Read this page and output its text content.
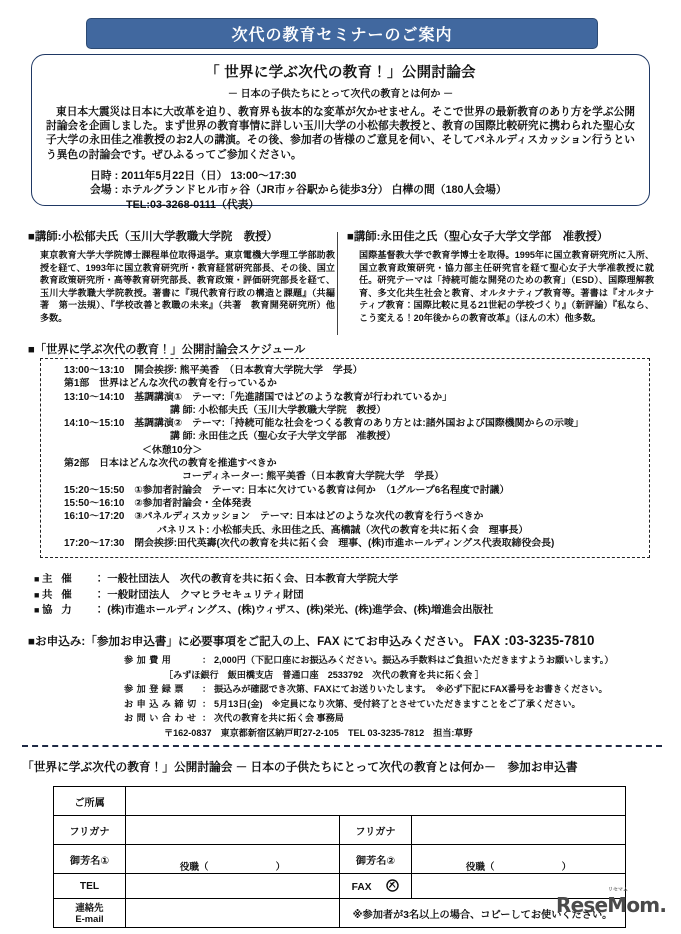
次代の教育セミナーのご案内
「 世界に学ぶ次代の教育！」公開討論会
－ 日本の子供たちにとって次代の教育とは何か －
東日本大震災は日本に大改革を迫り、教育界も抜本的な変革が欠かせません。そこで世界の最新教育のあり方を学ぶ公開討論会を企画しました。まず世界の教育事情に詳しい玉川大学の小松郁夫教授と、教育の国際比較研究に携わられた聖心女子大学の永田佳之准教授のお2人の講演。その後、参加者の皆様のご意見を伺い、そしてパネルディスカッション行うという異色の討論会です。ぜひふるってご参加ください。
日時 : 2011年5月22日（日） 13:00～17:30
会場 : ホテルグランドヒル市ヶ谷（JR市ヶ谷駅から徒歩3分） 白樺の間（180人会場）
TEL:03-3268-0111（代表）
■講師:小松郁夫氏（玉川大学教職大学院　教授）
東京教育大学大学院博士課程単位取得退学。東京電機大学理工学部助教授を経て、1993年に国立教育研究所・教育経営研究部長、その後、国立教育政策研究所・高等教育研究部長、教育政策・評価研究部長を経て、玉川大学教職大学院教授。著書に『現代教育行政の構造と課題』（共編著　第一法規）、『学校改善と教職の未来』（共著　教育開発研究所）他多数。
■講師:永田佳之氏（聖心女子大学文学部　准教授）
国際基督教大学で教育学博士を取得。1995年に国立教育研究所に入所、国立教育政策研究・協力部主任研究官を経て聖心女子大学准教授に就任。研究テーマは「持続可能な開発のための教育」（ESD）、国際理解教育、多文化共生社会と教育、オルタナティブ教育等。著書は『オルタナティブ教育：国際比較に見る21世紀の学校づくり』（新評論）『私なら、こう変える！20年後からの教育改革』（ほんの木）他多数。
■「世界に学ぶ次代の教育！」公開討論会スケジュール
13:00～13:10　開会挨拶: 熊平美香　（日本教育大学院大学　学長）
第1部　世界はどんな次代の教育を行っているか
13:10～14:10　基調講演①　テーマ:「先進諸国ではどのような教育が行われているか」
講 師: 小松郁夫氏（玉川大学教職大学院　教授）
14:10～15:10　基調講演②　テーマ:「持続可能な社会をつくる教育のあり方とは:諸外国および国際機関からの示唆」
講 師: 永田佳之氏（聖心女子大学文学部　准教授）
＜休憩10分＞
第2部　日本はどんな次代の教育を推進すべきか
コーディネーター: 熊平美香（日本教育大学院大学　学長）
15:20～15:50　①参加者討論会　テーマ: 日本に欠けている教育は何か　（1グループ6名程度で討議）
15:50～16:10　②参加者討論会・全体発表
16:10～17:20　③パネルディスカッション　テーマ: 日本はどのような次代の教育を行うべきか
パネリスト: 小松郁夫氏、永田佳之氏、髙橋誠（次代の教育を共に拓く会　理事長）
17:20～17:30　閉会挨拶:田代英壽(次代の教育を共に拓く会　理事、(株)市進ホールディングス代表取締役会長)
■ 主 催 ： 一般社団法人　次代の教育を共に拓く会、日本教育大学院大学
■ 共 催 ： 一般財団法人　クマヒラセキュリティ財団
■ 協 力 ： (株)市進ホールディングス、(株)ウィザス、(株)栄光、(株)進学会、(株)増進会出版社
■お申込み:「参加お申込書」に必要事項をご記入の上、FAX にてお申込みください。 FAX :03-3235-7810
参加費用	： 2,000円（下記口座にお振込みください。振込み手数料はご負担いただきますようお願いします。）
［みずほ銀行　飯田橋支店　普通口座　2533792　次代の教育を共に拓く会 ］
参加登録票 ： 振込みが確認でき次第、FAXにてお送りいたします。　※必ず下記にFAX番号をお書きください。
お申込み締切 ： 5月13日(金)　※定員になり次第、受付終了とさせていただきますことをご了承ください。
お問い合わせ ： 次代の教育を共に拓く会 事務局
〒162-0837　東京都新宿区納戸町27-2-105　TEL 03-3235-7812　担当:草野
「世界に学ぶ次代の教育！」公開討論会 － 日本の子供たちにとって次代の教育とは何か－　参加お申込書
ご所属			
フリガナ		フリガナ	
御芳名①	役職（　　　　　　　）	御芳名②	役職（　　　　　　　）
TEL		FAX	

連絡先
E-mail		※参加者が3名以上の場合、コピーしてお使いください。	
ReseMom.
リセマム
